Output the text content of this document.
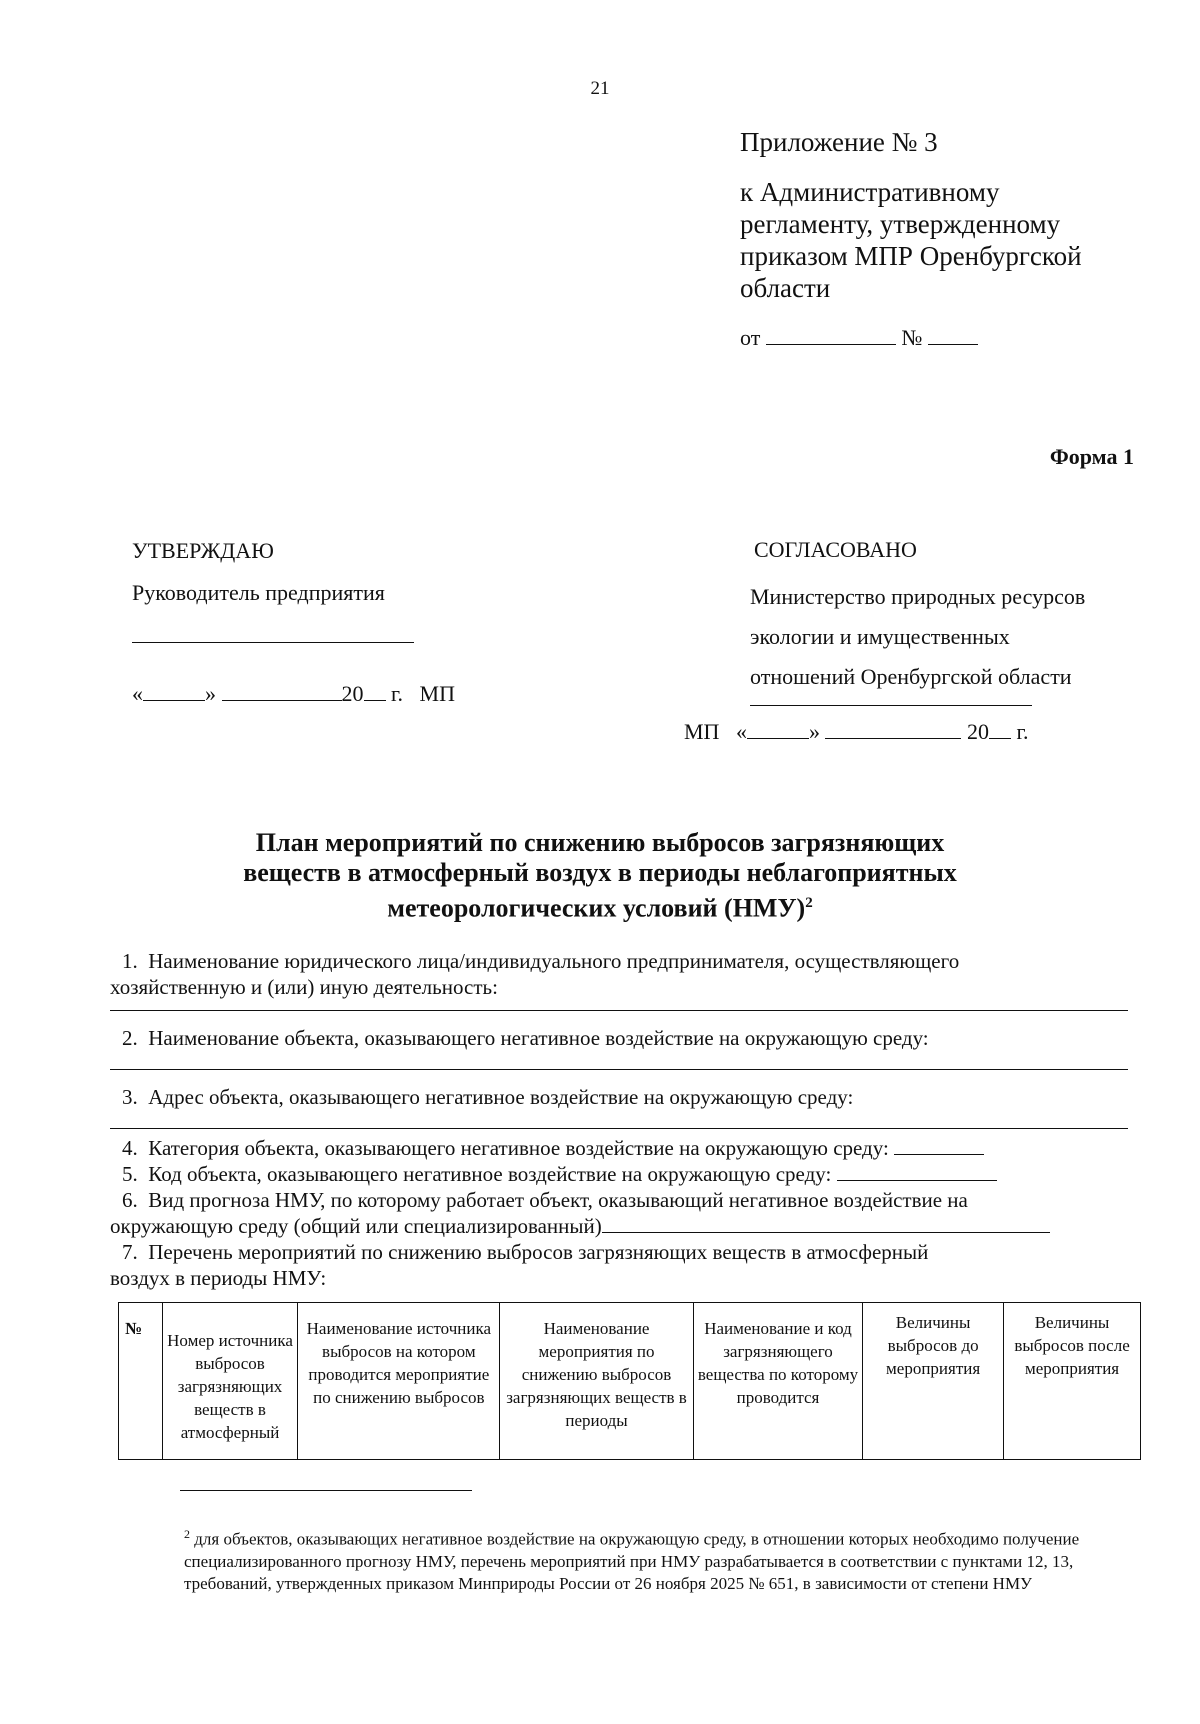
21
Приложение № 3
к Административному
регламенту, утвержденному
приказом МПР Оренбургской
области
от	№
Форма 1
УТВЕРЖДАЮ
Руководитель предприятия
«	»	20 г. МП
СОГЛАСОВАНО
Министерство природных ресурсов
экологии и имущественных
отношений Оренбургской области
МП «	»	20 г.
План мероприятий по снижению выбросов загрязняющих
веществ в атмосферный воздух в периоды неблагоприятных
метеорологических условий (НМУ)$^2$
1. Наименование юридического лица/индивидуального предпринимателя, осуществляющего
хозяйственную и (или) иную деятельность:
2. Наименование объекта, оказывающего негативное воздействие на окружающую среду:
3. Адрес объекта, оказывающего негативное воздействие на окружающую среду:
4. Категория объекта, оказывающего негативное воздействие на окружающую среду:
5. Код объекта, оказывающего негативное воздействие на окружающую среду:
6. Вид прогноза НМУ, по которому работает объект, оказывающий негативное воздействие на
окружающую среду (общий или специализированный)
7. Перечень мероприятий по снижению выбросов загрязняющих веществ в атмосферный
воздух в периоды НМУ:
№	Номер источника выбросов загрязняющих веществ в атмосферный	Наименование источника выбросов на котором проводится мероприятие по снижению выбросов	Наименование мероприятия по снижению выбросов загрязняющих веществ в периоды	Наименование и код загрязняющего вещества по которому проводится	Величины выбросов до мероприятия	Величины выбросов после мероприятия
$^2$ для объектов, оказывающих негативное воздействие на окружающую среду, в отношении которых необходимо получение специализированного прогнозу НМУ, перечень мероприятий при НМУ разрабатывается в соответствии с пунктами 12, 13, требований, утвержденных приказом Минприроды России от 26 ноября 2025 № 651, в зависимости от степени НМУ
